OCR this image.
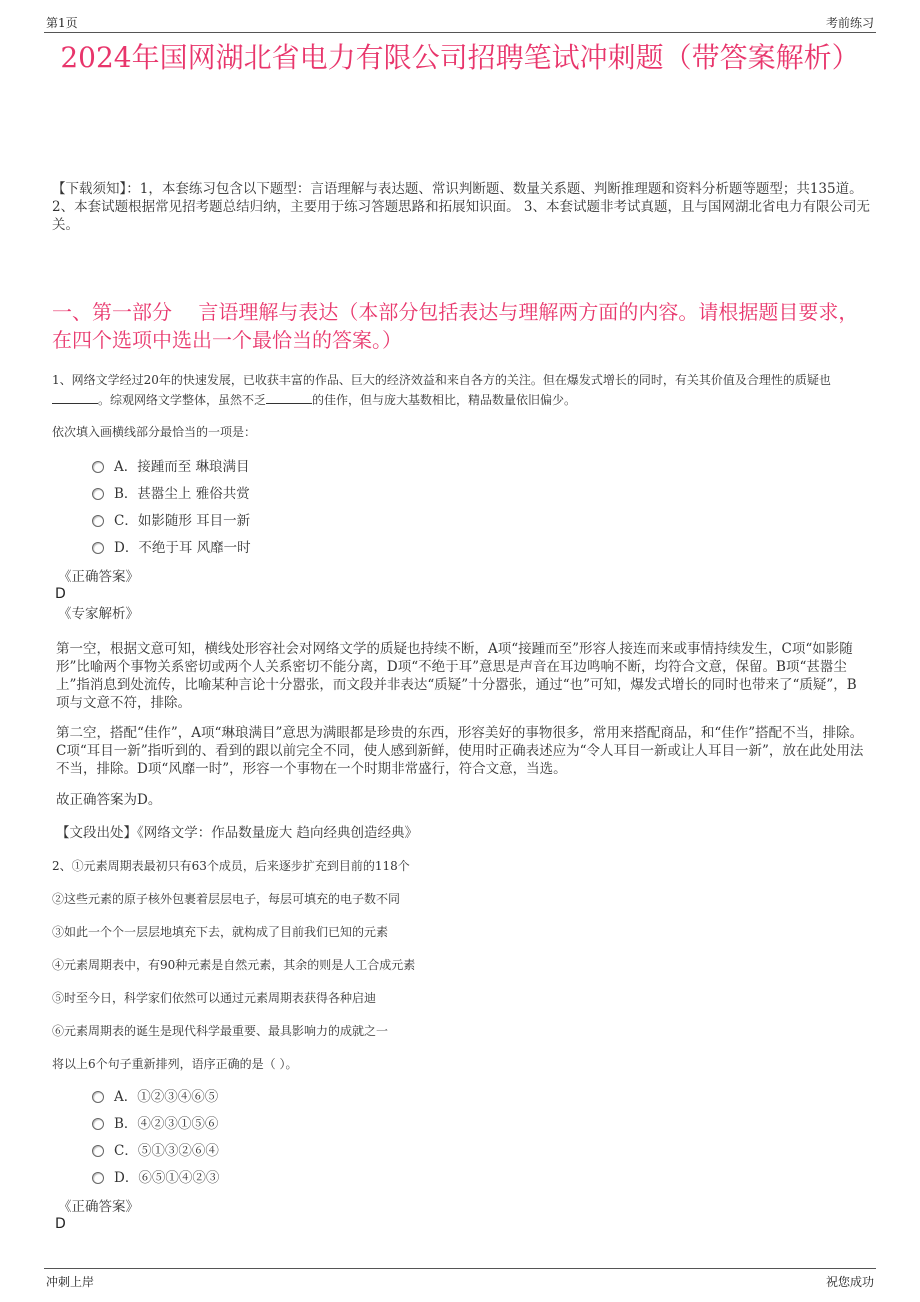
第1页	考前练习
2024年国网湖北省电力有限公司招聘笔试冲刺题（带答案解析）
【下载须知】：1，本套练习包含以下题型：言语理解与表达题、常识判断题、数量关系题、判断推理题和资料分析题等题型；共135道。 2、本套试题根据常见招考题总结归纳，主要用于练习答题思路和拓展知识面。 3、本套试题非考试真题，且与国网湖北省电力有限公司无关。
一、第一部分　 言语理解与表达（本部分包括表达与理解两方面的内容。请根据题目要求，在四个选项中选出一个最恰当的答案。）
1、网络文学经过20年的快速发展，已收获丰富的作品、巨大的经济效益和来自各方的关注。但在爆发式增长的同时，有关其价值及合理性的质疑也。综观网络文学整体，虽然不乏	的佳作，但与庞大基数相比，精品数量依旧偏少。
依次填入画横线部分最恰当的一项是：
A．接踵而至 琳琅满目
B．甚嚣尘上 雅俗共赏
C．如影随形 耳目一新
D．不绝于耳 风靡一时
《正确答案》
D
《专家解析》
第一空，根据文意可知，横线处形容社会对网络文学的质疑也持续不断，A项“接踵而至”形容人接连而来或事情持续发生，C项“如影随形”比喻两个事物关系密切或两个人关系密切不能分离，D项“不绝于耳”意思是声音在耳边鸣响不断，均符合文意，保留。B项“甚嚣尘上”指消息到处流传，比喻某种言论十分嚣张，而文段并非表达“质疑”十分嚣张，通过“也”可知，爆发式增长的同时也带来了“质疑”，B项与文意不符，排除。
第二空，搭配“佳作”，A项“琳琅满目”意思为满眼都是珍贵的东西，形容美好的事物很多，常用来搭配商品，和“佳作”搭配不当，排除。C项“耳目一新”指听到的、看到的跟以前完全不同，使人感到新鲜，使用时正确表述应为“令人耳目一新或让人耳目一新”，放在此处用法不当，排除。D项“风靡一时”，形容一个事物在一个时期非常盛行，符合文意，当选。
故正确答案为D。
【文段出处】《网络文学：作品数量庞大 趋向经典创造经典》
2、①元素周期表最初只有63个成员，后来逐步扩充到目前的118个
②这些元素的原子核外包裹着层层电子，每层可填充的电子数不同
③如此一个个一层层地填充下去，就构成了目前我们已知的元素
④元素周期表中，有90种元素是自然元素，其余的则是人工合成元素
⑤时至今日，科学家们依然可以通过元素周期表获得各种启迪
⑥元素周期表的诞生是现代科学最重要、最具影响力的成就之一
将以上6个句子重新排列，语序正确的是（ ）。
A．①②③④⑥⑤
B．④②③①⑤⑥
C．⑤①③②⑥④
D．⑥⑤①④②③
《正确答案》
D
冲刺上岸	祝您成功
